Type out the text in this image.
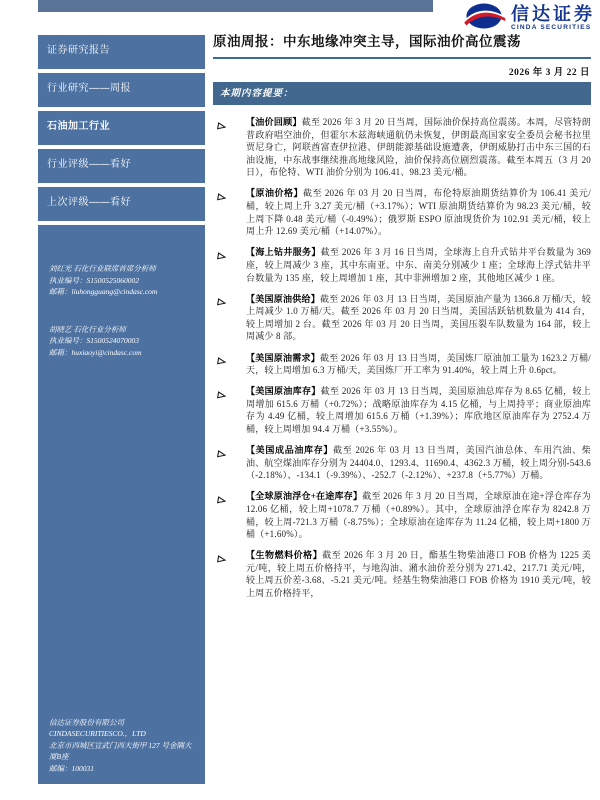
信达证券
CINDA SECURITIES
证券研究报告
行业研究——周报
石油加工行业
行业评级——看好
上次评级——看好
刘红光 石化行业联席首席分析师
执业编号：S1500525060002
邮箱：liuhongguang@cindasc.com
胡晓艺 石化行业分析师
执业编号：S1500524070003
邮箱：huxiaoyi@cindasc.com
信达证券股份有限公司
CINDASECURITIESCO.，LTD
北京市西城区宣武门西大街甲 127 号金隅大厦B座
邮编：100031
原油周报：中东地缘冲突主导，国际油价高位震荡
2026 年 3 月 22 日
本期内容提要：

【油价回顾】截至 2026 年 3 月 20 日当周，国际油价保持高位震荡。本周，尽管特朗普政府唱空油价，但霍尔木兹海峡通航仍未恢复，伊朗最高国家安全委员会秘书拉里贾尼身亡，阿联酋富查伊拉港、伊朗能源基础设施遭袭，伊朗威胁打击中东三国的石油设施，中东战事继续推高地缘风险，油价保持高位剧烈震荡。截至本周五（3 月 20 日），布伦特、WTI 油价分别为 106.41、98.23 美元/桶。

【原油价格】截至 2026 年 03 月 20 日当周，布伦特原油期货结算价为 106.41 美元/桶，较上周上升 3.27 美元/桶（+3.17%）；WTI 原油期货结算价为 98.23 美元/桶，较上周下降 0.48 美元/桶（-0.49%）；俄罗斯 ESPO 原油现货价为 102.91 美元/桶，较上周上升 12.69 美元/桶（+14.07%）。

【海上钻井服务】截至 2026 年 3 月 16 日当周，全球海上自升式钻井平台数量为 369 座，较上周减少 3 座，其中东南亚、中东、南美分别减少 1 座；全球海上浮式钻井平台数量为 135 座，较上周增加 1 座，其中非洲增加 2 座，其他地区减少 1 座。

【美国原油供给】截至 2026 年 03 月 13 日当周，美国原油产量为 1366.8 万桶/天，较上周减少 1.0 万桶/天。截至 2026 年 03 月 20 日当周，美国活跃钻机数量为 414 台，较上周增加 2 台。截至 2026 年 03 月 20 日当周，美国压裂车队数量为 164 部，较上周减少 8 部。

【美国原油需求】截至 2026 年 03 月 13 日当周，美国炼厂原油加工量为 1623.2 万桶/天，较上周增加 6.3 万桶/天，美国炼厂开工率为 91.40%，较上周上升 0.6pct。

【美国原油库存】截至 2026 年 03 月 13 日当周，美国原油总库存为 8.65 亿桶，较上周增加 615.6 万桶（+0.72%）；战略原油库存为 4.15 亿桶，与上周持平；商业原油库存为 4.49 亿桶，较上周增加 615.6 万桶（+1.39%）；库欣地区原油库存为 2752.4 万桶，较上周增加 94.4 万桶（+3.55%）。

【美国成品油库存】截至 2026 年 03 月 13 日当周，美国汽油总体、车用汽油、柴油、航空煤油库存分别为 24404.0、1293.4、11690.4、4362.3 万桶，较上周分别-543.6（-2.18%）、-134.1（-9.39%）、-252.7（-2.12%）、+237.8（+5.77%）万桶。

【全球原油浮仓+在途库存】截至 2026 年 3 月 20 日当周，全球原油在途+浮仓库存为 12.06 亿桶，较上周+1078.7 万桶（+0.89%）。其中，全球原油浮仓库存为 8242.8 万桶，较上周-721.3 万桶（-8.75%）；全球原油在途库存为 11.24 亿桶，较上周+1800 万桶（+1.60%）。

【生物燃料价格】截至 2026 年 3 月 20 日，酯基生物柴油港口 FOB 价格为 1225 美元/吨，较上周五价格持平，与地沟油、潲水油价差分别为 271.42、217.71 美元/吨，较上周五价差-3.68、-5.21 美元/吨。烃基生物柴油港口 FOB 价格为 1910 美元/吨，较上周五价格持平，
